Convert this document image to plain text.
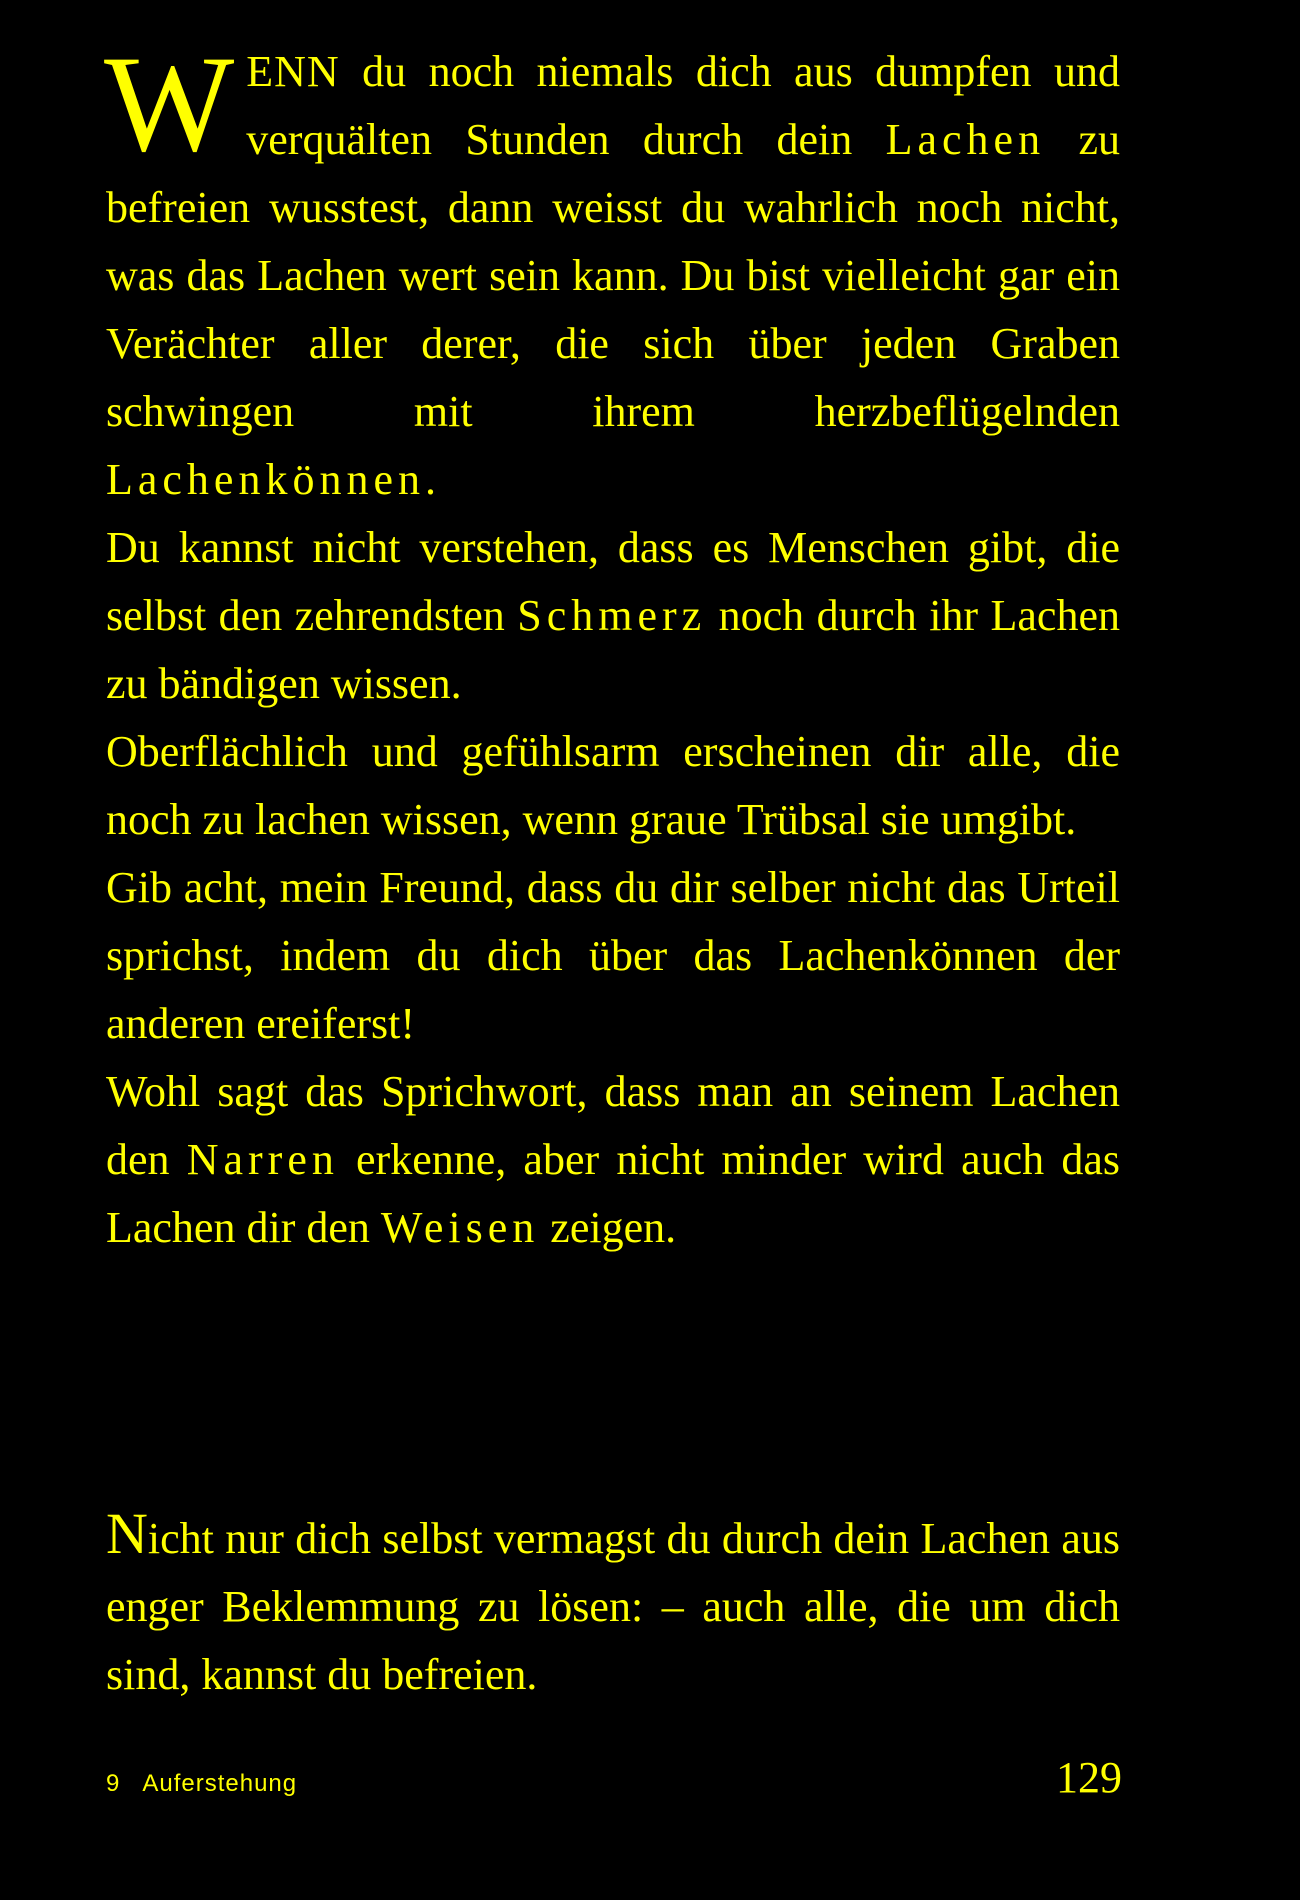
WENN du noch niemals dich aus dumpfen und verquälten Stunden durch dein Lachen zu befreien wusstest, dann weisst du wahrlich noch nicht, was das Lachen wert sein kann. Du bist vielleicht gar ein Verächter aller derer, die sich über jeden Graben schwingen mit ihrem herzbeflügelnden Lachenkönnen.

Du kannst nicht verstehen, dass es Menschen gibt, die selbst den zehrendsten Schmerz noch durch ihr Lachen zu bändigen wissen.

Oberflächlich und gefühlsarm erscheinen dir alle, die noch zu lachen wissen, wenn graue Trübsal sie umgibt.

Gib acht, mein Freund, dass du dir selber nicht das Urteil sprichst, indem du dich über das Lachenkönnen der anderen ereiferst!

Wohl sagt das Sprichwort, dass man an seinem Lachen den Narren erkenne, aber nicht minder wird auch das Lachen dir den Weisen zeigen.

Nicht nur dich selbst vermagst du durch dein Lachen aus enger Beklemmung zu lösen: – auch alle, die um dich sind, kannst du befreien.

9 Auferstehung	129
